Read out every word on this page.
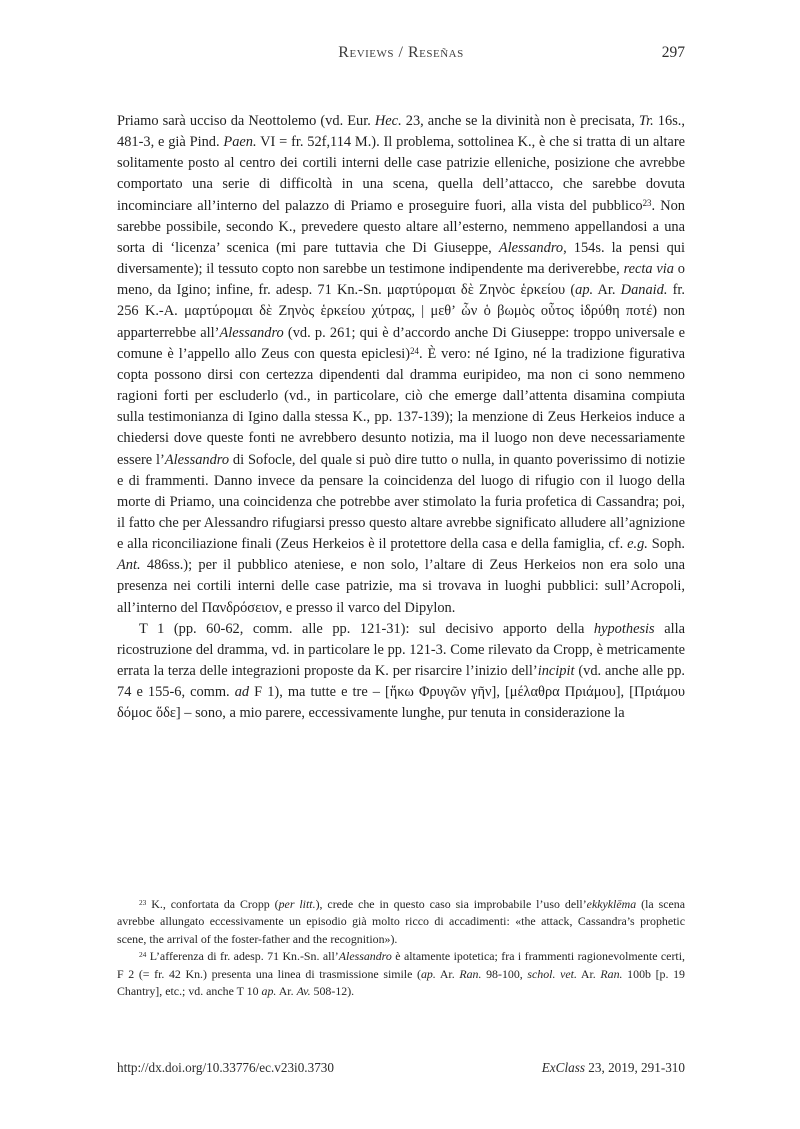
Reviews / Reseñas	297
Priamo sarà ucciso da Neottolemo (vd. Eur. Hec. 23, anche se la divinità non è precisata, Tr. 16s., 481-3, e già Pind. Paen. VI = fr. 52f,114 M.). Il problema, sottolinea K., è che si tratta di un altare solitamente posto al centro dei cortili interni delle case patrizie elleniche, posizione che avrebbe comportato una serie di difficoltà in una scena, quella dell’attacco, che sarebbe dovuta incominciare all’interno del palazzo di Priamo e proseguire fuori, alla vista del pubblico$^{23}$. Non sarebbe possibile, secondo K., prevedere questo altare all’esterno, nemmeno appellandosi a una sorta di ‘licenza’ scenica (mi pare tuttavia che Di Giuseppe, Alessandro, 154s. la pensi qui diversamente); il tessuto copto non sarebbe un testimone indipendente ma deriverebbe, recta via o meno, da Igino; infine, fr. adesp. 71 Kn.-Sn. μαρτύρομαι δὲ Ζηνὸϲ ἑρκείου (ap. Ar. Danaid. fr. 256 K.-A. μαρτύρομαι δὲ Ζηνὸς ἑρκείου χύτρας, | μεθ’ ὧν ὁ βωμὸς οὗτος ἱδρύθη ποτέ) non apparterrebbe all’Alessandro (vd. p. 261; qui è d’accordo anche Di Giuseppe: troppo universale e comune è l’appello allo Zeus con questa epiclesi)$^{24}$. È vero: né Igino, né la tradizione figurativa copta possono dirsi con certezza dipendenti dal dramma euripideo, ma non ci sono nemmeno ragioni forti per escluderlo (vd., in particolare, ciò che emerge dall’attenta disamina compiuta sulla testimonianza di Igino dalla stessa K., pp. 137-139); la menzione di Zeus Herkeios induce a chiedersi dove queste fonti ne avrebbero desunto notizia, ma il luogo non deve necessariamente essere l’Alessandro di Sofocle, del quale si può dire tutto o nulla, in quanto poverissimo di notizie e di frammenti. Danno invece da pensare la coincidenza del luogo di rifugio con il luogo della morte di Priamo, una coincidenza che potrebbe aver stimolato la furia profetica di Cassandra; poi, il fatto che per Alessandro rifugiarsi presso questo altare avrebbe significato alludere all’agnizione e alla riconciliazione finali (Zeus Herkeios è il protettore della casa e della famiglia, cf. e.g. Soph. Ant. 486ss.); per il pubblico ateniese, e non solo, l’altare di Zeus Herkeios non era solo una presenza nei cortili interni delle case patrizie, ma si trovava in luoghi pubblici: sull’Acropoli, all’interno del Πανδρόσειον, e presso il varco del Dipylon.
T 1 (pp. 60-62, comm. alle pp. 121-31): sul decisivo apporto della hypothesis alla ricostruzione del dramma, vd. in particolare le pp. 121-3. Come rilevato da Cropp, è metricamente errata la terza delle integrazioni proposte da K. per risarcire l’inizio dell’incipit (vd. anche alle pp. 74 e 155-6, comm. ad F 1), ma tutte e tre – [ἥκω Φρυγῶν γῆν], [μέλαθρα Πριάμου], [Πριάμου δόμοϲ ὅδε] – sono, a mio parere, eccessivamente lunghe, pur tenuta in considerazione la
$^{23}$ K., confortata da Cropp (per litt.), crede che in questo caso sia improbabile l’uso dell’ekkyklēma (la scena avrebbe allungato eccessivamente un episodio già molto ricco di accadimenti: «the attack, Cassandra’s prophetic scene, the arrival of the foster-father and the recognition»).
$^{24}$ L’afferenza di fr. adesp. 71 Kn.-Sn. all’Alessandro è altamente ipotetica; fra i frammenti ragionevolmente certi, F 2 (= fr. 42 Kn.) presenta una linea di trasmissione simile (ap. Ar. Ran. 98-100, schol. vet. Ar. Ran. 100b [p. 19 Chantry], etc.; vd. anche T 10 ap. Ar. Av. 508-12).
http://dx.doi.org/10.33776/ec.v23i0.3730	ExClass 23, 2019, 291-310
